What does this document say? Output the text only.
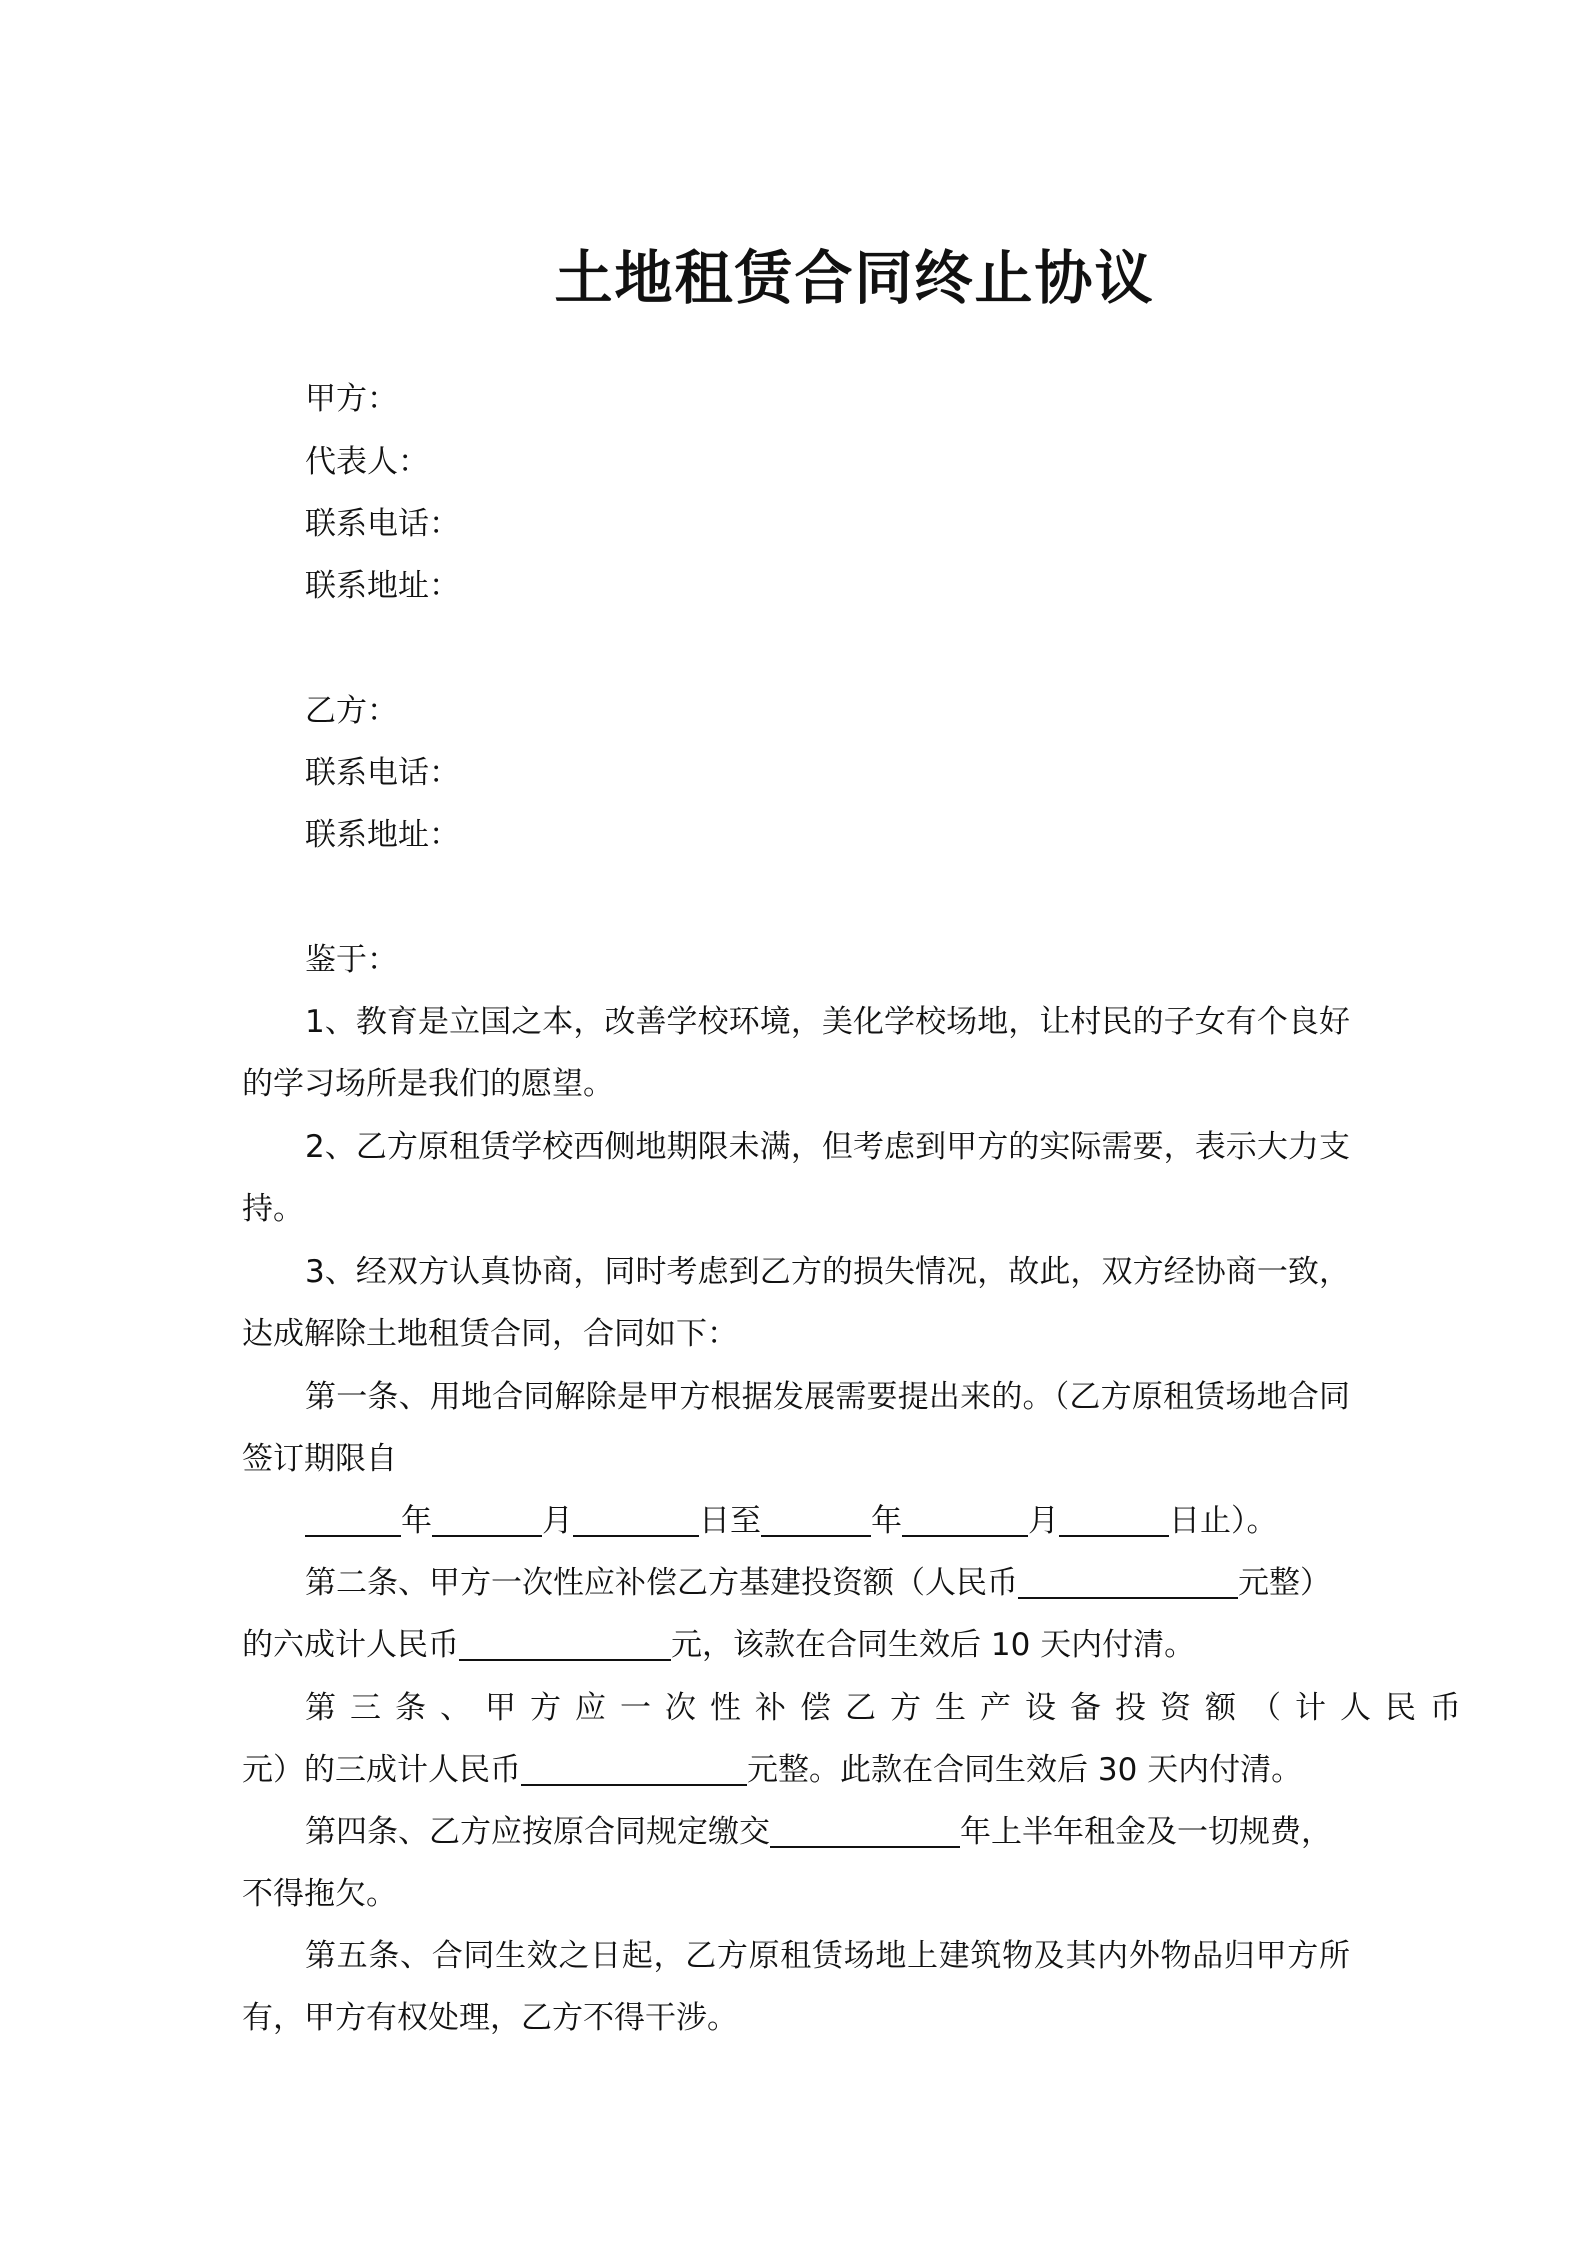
土地租赁合同终止协议
甲方：
代表人：
联系电话：
联系地址：
乙方：
联系电话：
联系地址：
鉴于：
1、教育是立国之本，改善学校环境，美化学校场地，让村民的子女有个良好的学习场所是我们的愿望。
2、乙方原租赁学校西侧地期限未满，但考虑到甲方的实际需要，表示大力支持。
3、经双方认真协商，同时考虑到乙方的损失情况，故此，双方经协商一致，达成解除土地租赁合同，合同如下：
第一条、用地合同解除是甲方根据发展需要提出来的。（乙方原租赁场地合同签订期限自
年	月	日至	年	月	日止）。
第二条、甲方一次性应补偿乙方基建投资额（人民币	元整）
的六成计人民币	元，该款在合同生效后 10 天内付清。
第三条、甲方应一次性补偿乙方生产设备投资额（计人民币
元）的三成计人民币	元整。此款在合同生效后 30 天内付清。
第四条、乙方应按原合同规定缴交	年上半年租金及一切规费，
不得拖欠。
第五条、合同生效之日起，乙方原租赁场地上建筑物及其内外物品归甲方所有，甲方有权处理，乙方不得干涉。
